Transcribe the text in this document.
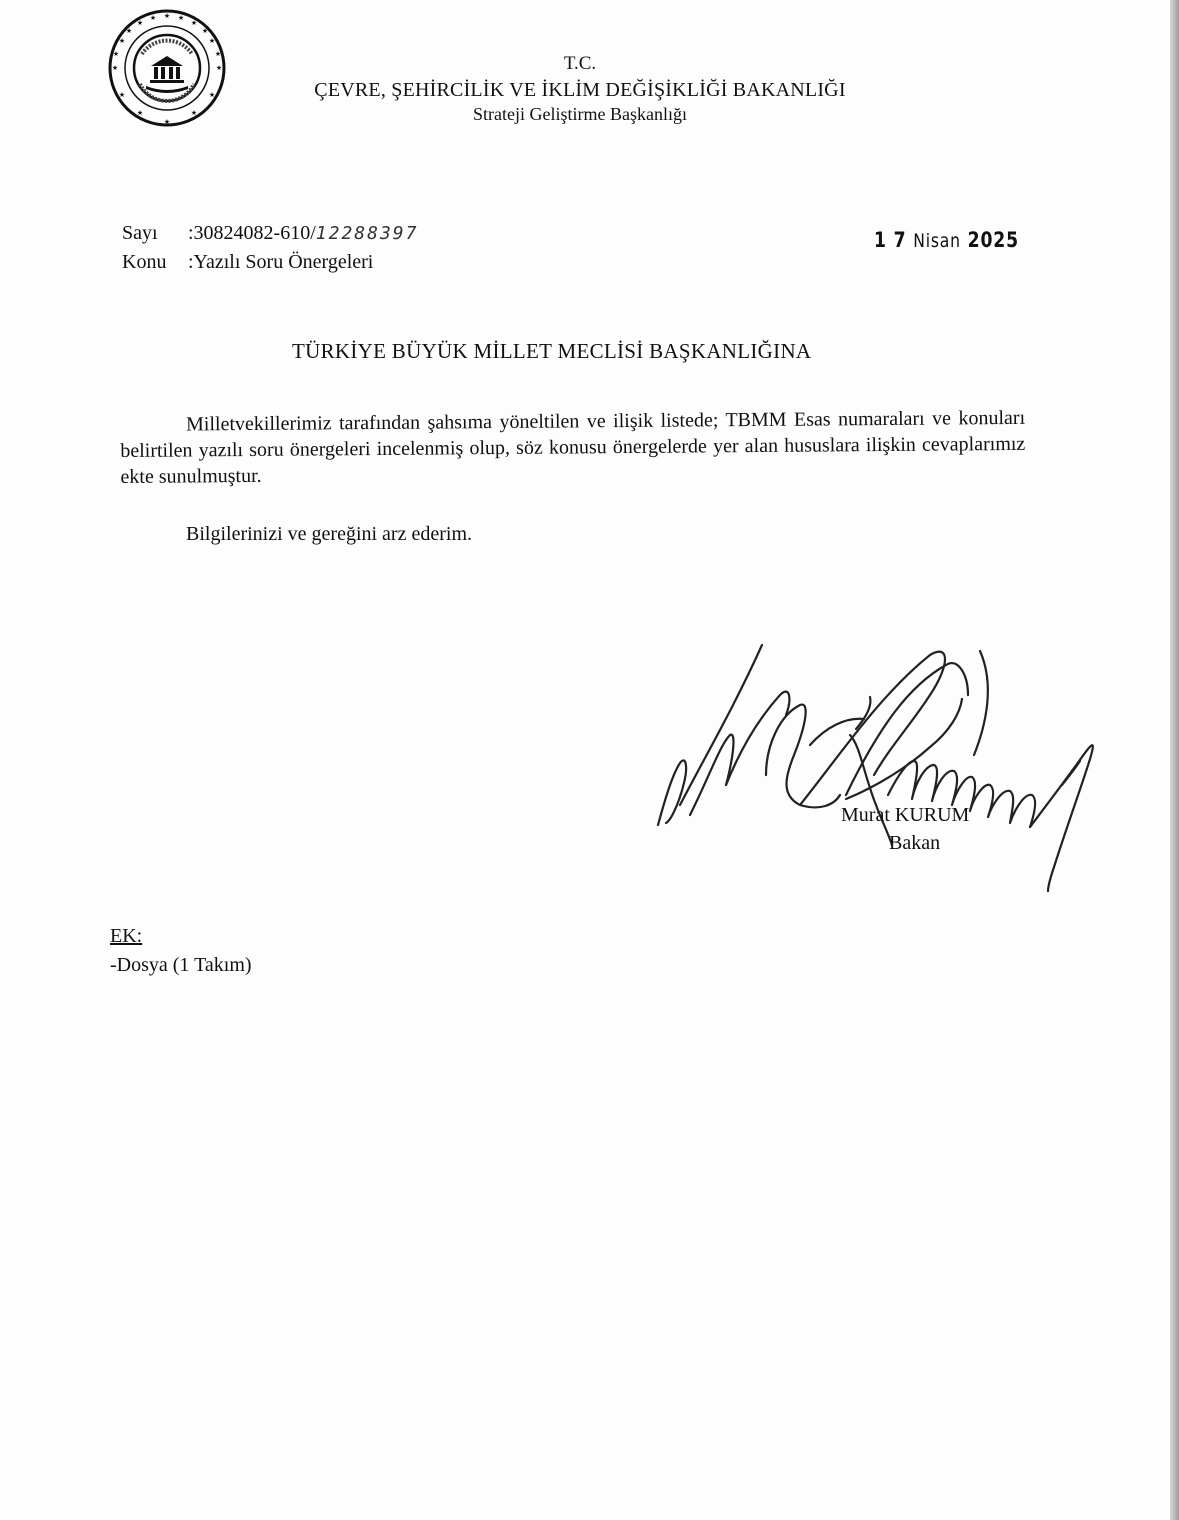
★
★
★
★
★
★
★
★
★
★
★
★
★
★
★
★
★
★	T.C.
ÇEVRE, ŞEHİRCİLİK VE İKLİM DEĞİŞİKLİĞİ BAKANLIĞI
Strateji Geliştirme Başkanlığı
Sayı :30824082-610/12288397
Konu :Yazılı Soru Önergeleri
1 7 Nisan 2025
TÜRKİYE BÜYÜK MİLLET MECLİSİ BAŞKANLIĞINA

Milletvekillerimiz tarafından şahsıma yöneltilen ve ilişik listede; TBMM Esas numaraları ve konuları belirtilen yazılı soru önergeleri incelenmiş olup, söz konusu önergelerde yer alan hususlara ilişkin cevaplarımız ekte sunulmuştur.

Bilgilerinizi ve gereğini arz ederim.
Murat KURUM
Bakan
EK:
-Dosya (1 Takım)
